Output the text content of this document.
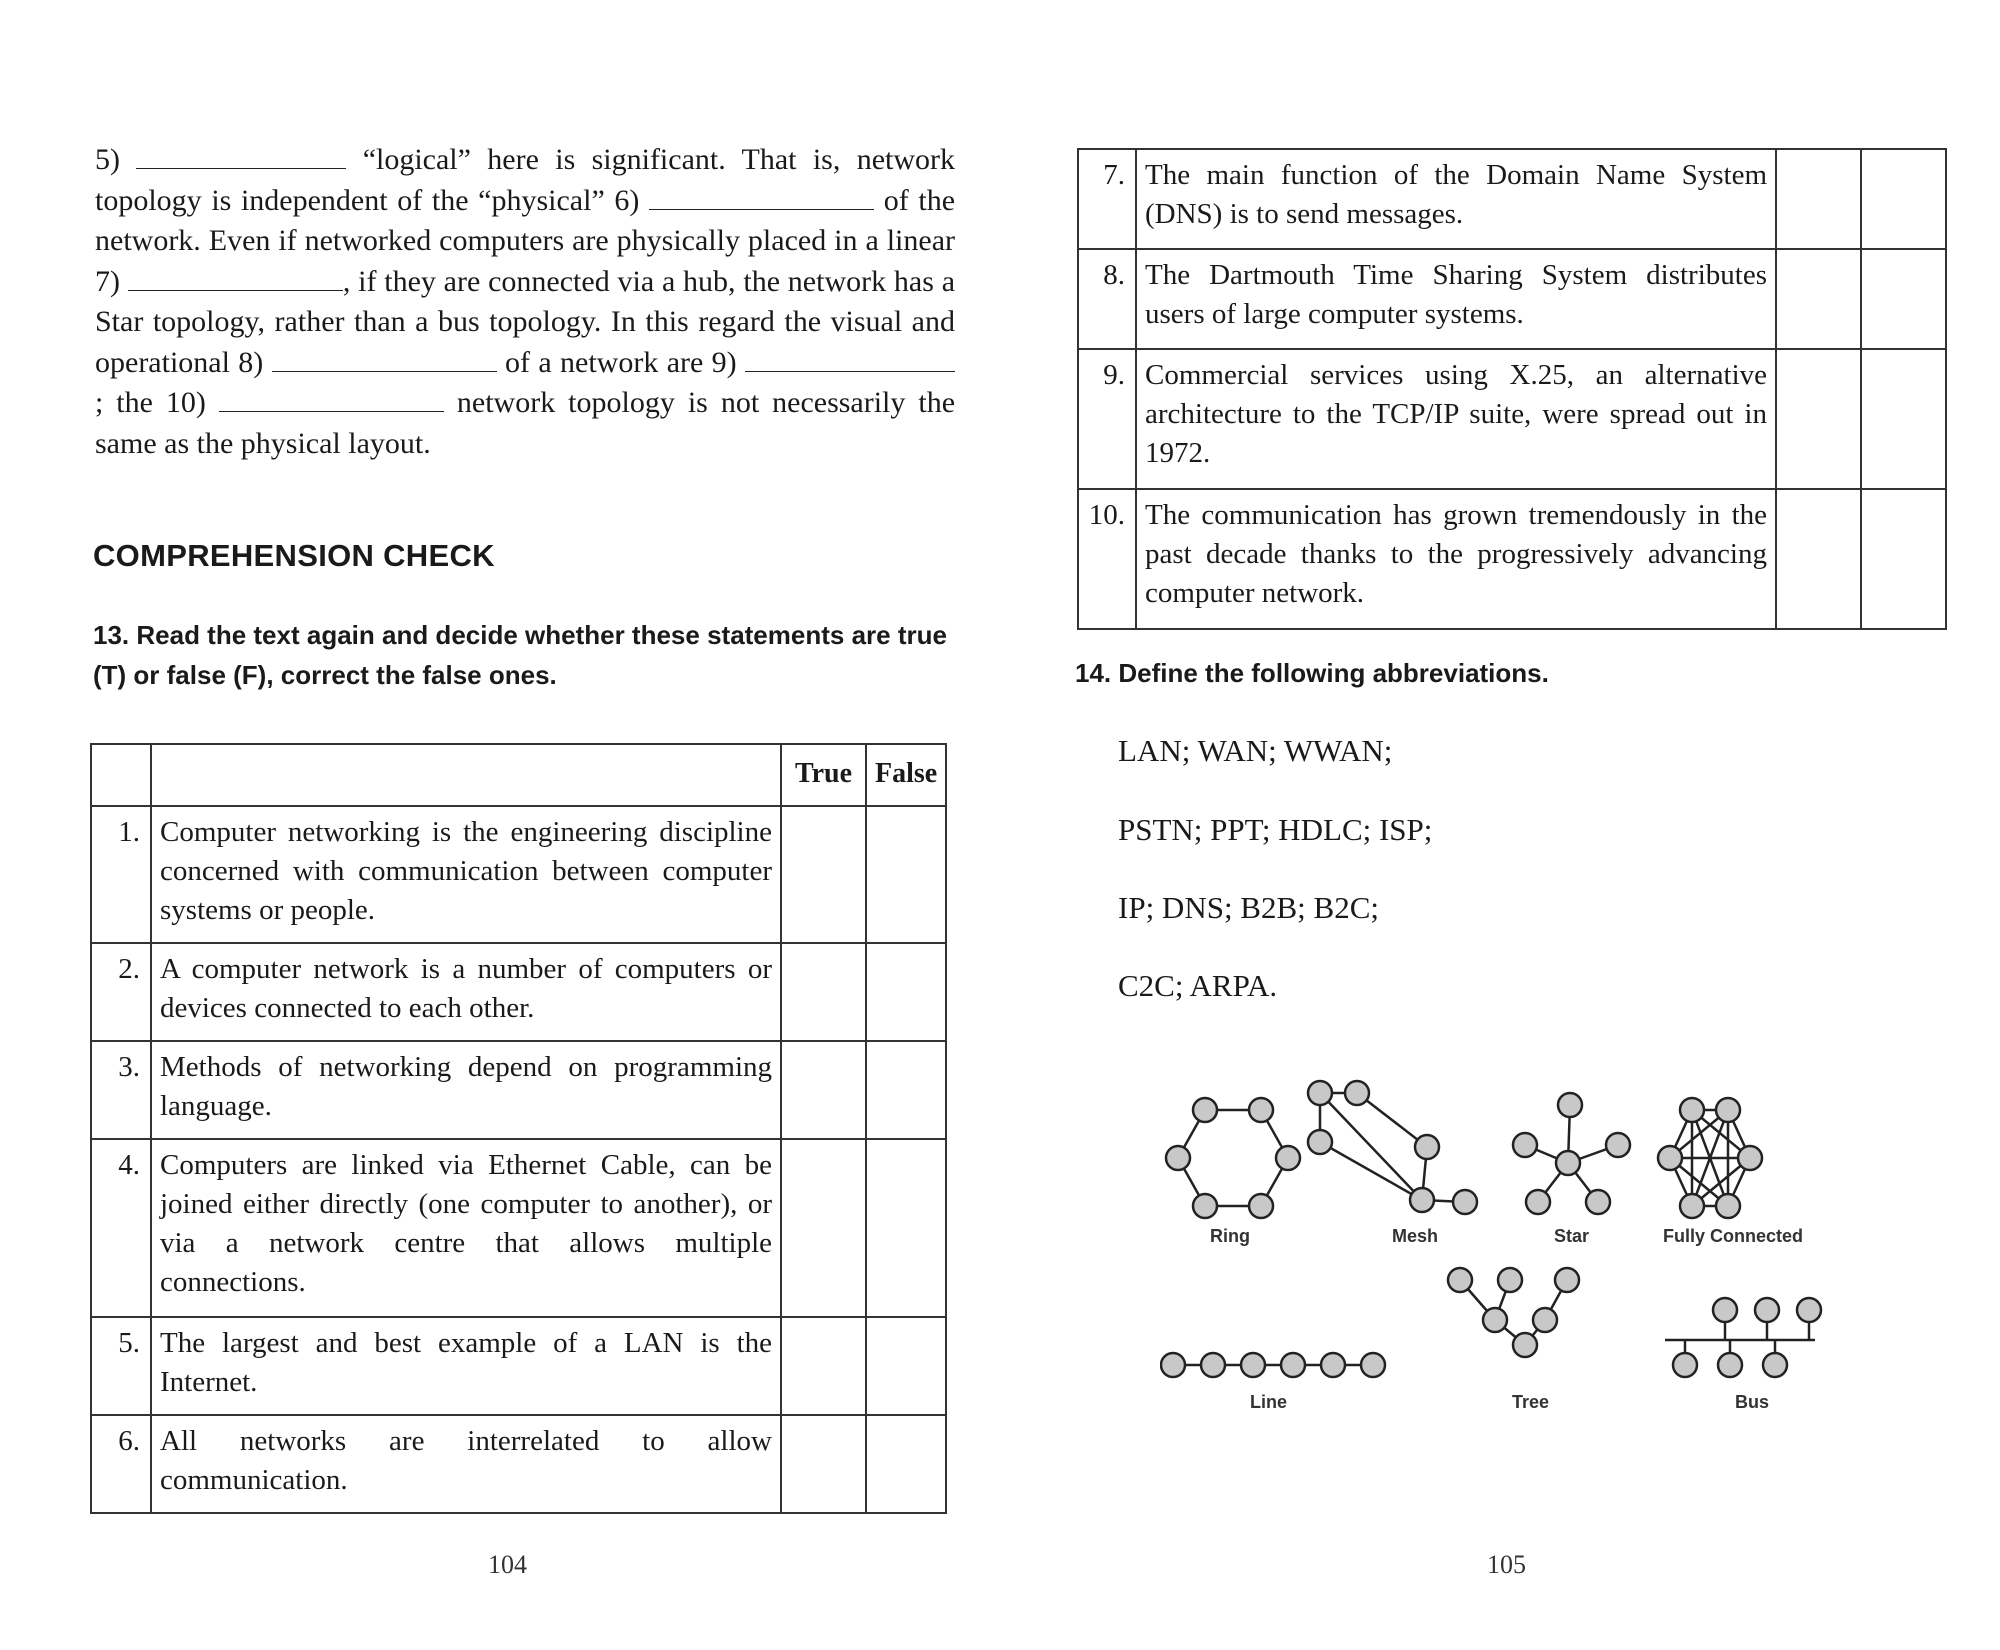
5)	“logical” here is significant. That is, network topology is independent of the “physical” 6)	of the network. Even if networked computers are physically placed in a linear 7)	, if they are connected via a hub, the network has a Star topology, rather than a bus topology. In this regard the visual and operational 8)	of a network are 9) ; the 10)	network topology is not necessarily the same as the physical layout.
COMPREHENSION CHECK
13. Read the text again and decide whether these statements are true (T) or false (F), correct the false ones.
		True	False
1.	Computer networking is the engineering discipline concerned with communication between computer systems or people.		
2.	A computer network is a number of computers or devices connected to each other.		
3.	Methods of networking depend on programming language.		
4.	Computers are linked via Ethernet Cable, can be joined either directly (one computer to another), or via a network centre that allows multiple connections.		
5.	The largest and best example of a LAN is the Internet.		
6.	All networks are interrelated to allow communication.		
104
7.	The main function of the Domain Name System (DNS) is to send messages.		
8.	The Dartmouth Time Sharing System distributes users of large computer systems.		
9.	Commercial services using X.25, an alternative architecture to the TCP/IP suite, were spread out in 1972.		
10.	The communication has grown tremendously in the past decade thanks to the progressively advancing computer network.		
14. Define the following abbreviations.
LAN; WAN; WWAN;
PSTN; PPT; HDLC; ISP;
IP; DNS; B2B; B2C;
C2C; ARPA.
Ring	Mesh	Star	Fully Connected
Line	Tree	Bus
105
